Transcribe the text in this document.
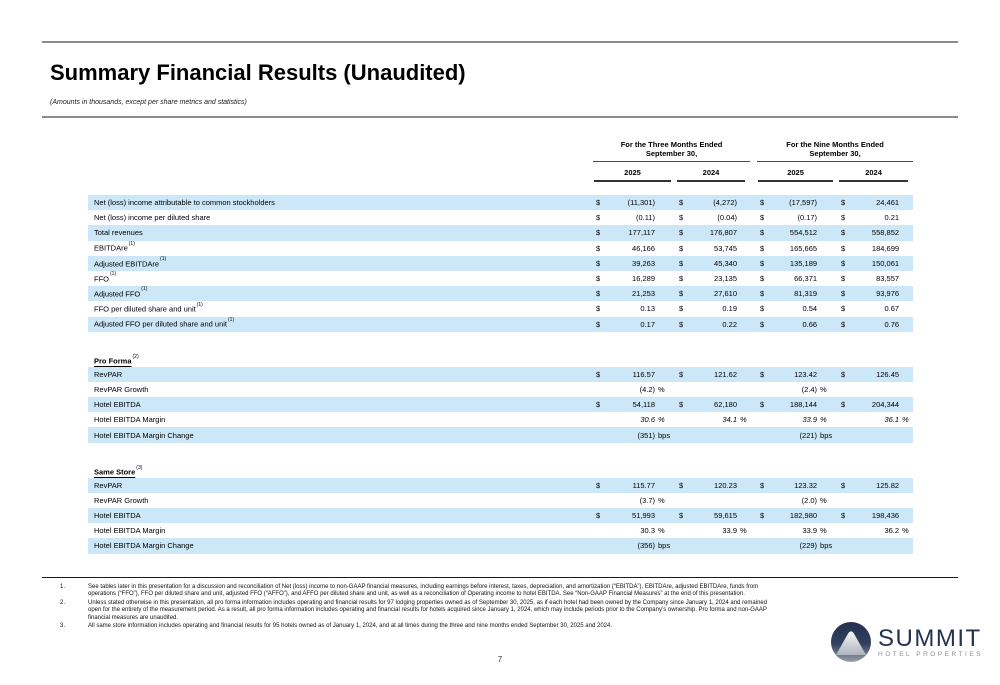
Summary Financial Results (Unaudited)
(Amounts in thousands, except per share metrics and statistics)

For the Three Months Ended
September 30,

For the Nine Months Ended
September 30,

	2025			2024				2025			2024		

Net (loss) income attributable to common stockholders	$	(11,301)		$	(4,272)			$	(17,597)		$	24,461	
Net (loss) income per diluted share	$	(0.11)		$	(0.04)			$	(0.17)		$	0.21	
Total revenues	$	177,117		$	176,807			$	554,512		$	558,852	
EBITDAre$^{(1)}$	$	46,166		$	53,745			$	165,665		$	184,699	
Adjusted EBITDAre$^{(1)}$	$	39,263		$	45,340			$	135,189		$	150,061	
FFO$^{(1)}$	$	16,289		$	23,135			$	66,371		$	83,557	
Adjusted FFO$^{(1)}$	$	21,253		$	27,610			$	81,319		$	93,976	
FFO per diluted share and unit$^{(1)}$	$	0.13		$	0.19			$	0.54		$	0.67	
Adjusted FFO per diluted share and unit$^{(1)}$	$	0.17		$	0.22			$	0.66		$	0.76	

Pro Forma$^{(2)}$	
RevPAR	$	116.57		$	121.62			$	123.42		$	126.45	
RevPAR Growth		(4.2)	%						(2.4)	%			
Hotel EBITDA	$	54,118		$	62,180			$	188,144		$	204,344	
Hotel EBITDA Margin		30.6	%		34.1	%			33.9	%		36.1	%
Hotel EBITDA Margin Change		(351)	bps						(221)	bps			

Same Store$^{(3)}$	
RevPAR	$	115.77		$	120.23			$	123.32		$	125.82	
RevPAR Growth		(3.7)	%						(2.0)	%			
Hotel EBITDA	$	51,993		$	59,615			$	182,980		$	198,436	
Hotel EBITDA Margin		30.3	%		33.9	%			33.9	%		36.2	%
Hotel EBITDA Margin Change		(356)	bps						(229)	bps			
1.	See tables later in this presentation for a discussion and reconciliation of Net (loss) income to non-GAAP financial measures, including earnings before interest, taxes, depreciation, and amortization (“EBITDA”), EBITDAre, adjusted EBITDAre, funds from operations (“FFO”), FFO per diluted share and unit, adjusted FFO (“AFFO”), and AFFO per diluted share and unit, as well as a reconciliation of Operating income to hotel EBITDA. See “Non-GAAP Financial Measures” at the end of this presentation.
2.	Unless stated otherwise in this presentation, all pro forma information includes operating and financial results for 97 lodging properties owned as of September 30, 2025, as if each hotel had been owned by the Company since January 1, 2024 and remained open for the entirety of the measurement period. As a result, all pro forma information includes operating and financial results for hotels acquired since January 1, 2024, which may include periods prior to the Company’s ownership. Pro forma and non-GAAP financial measures are unaudited.
3.	All same store information includes operating and financial results for 95 hotels owned as of January 1, 2024, and at all times during the three and nine months ended September 30, 2025 and 2024.	SUMMIT
HOTEL PROPERTIES
7
